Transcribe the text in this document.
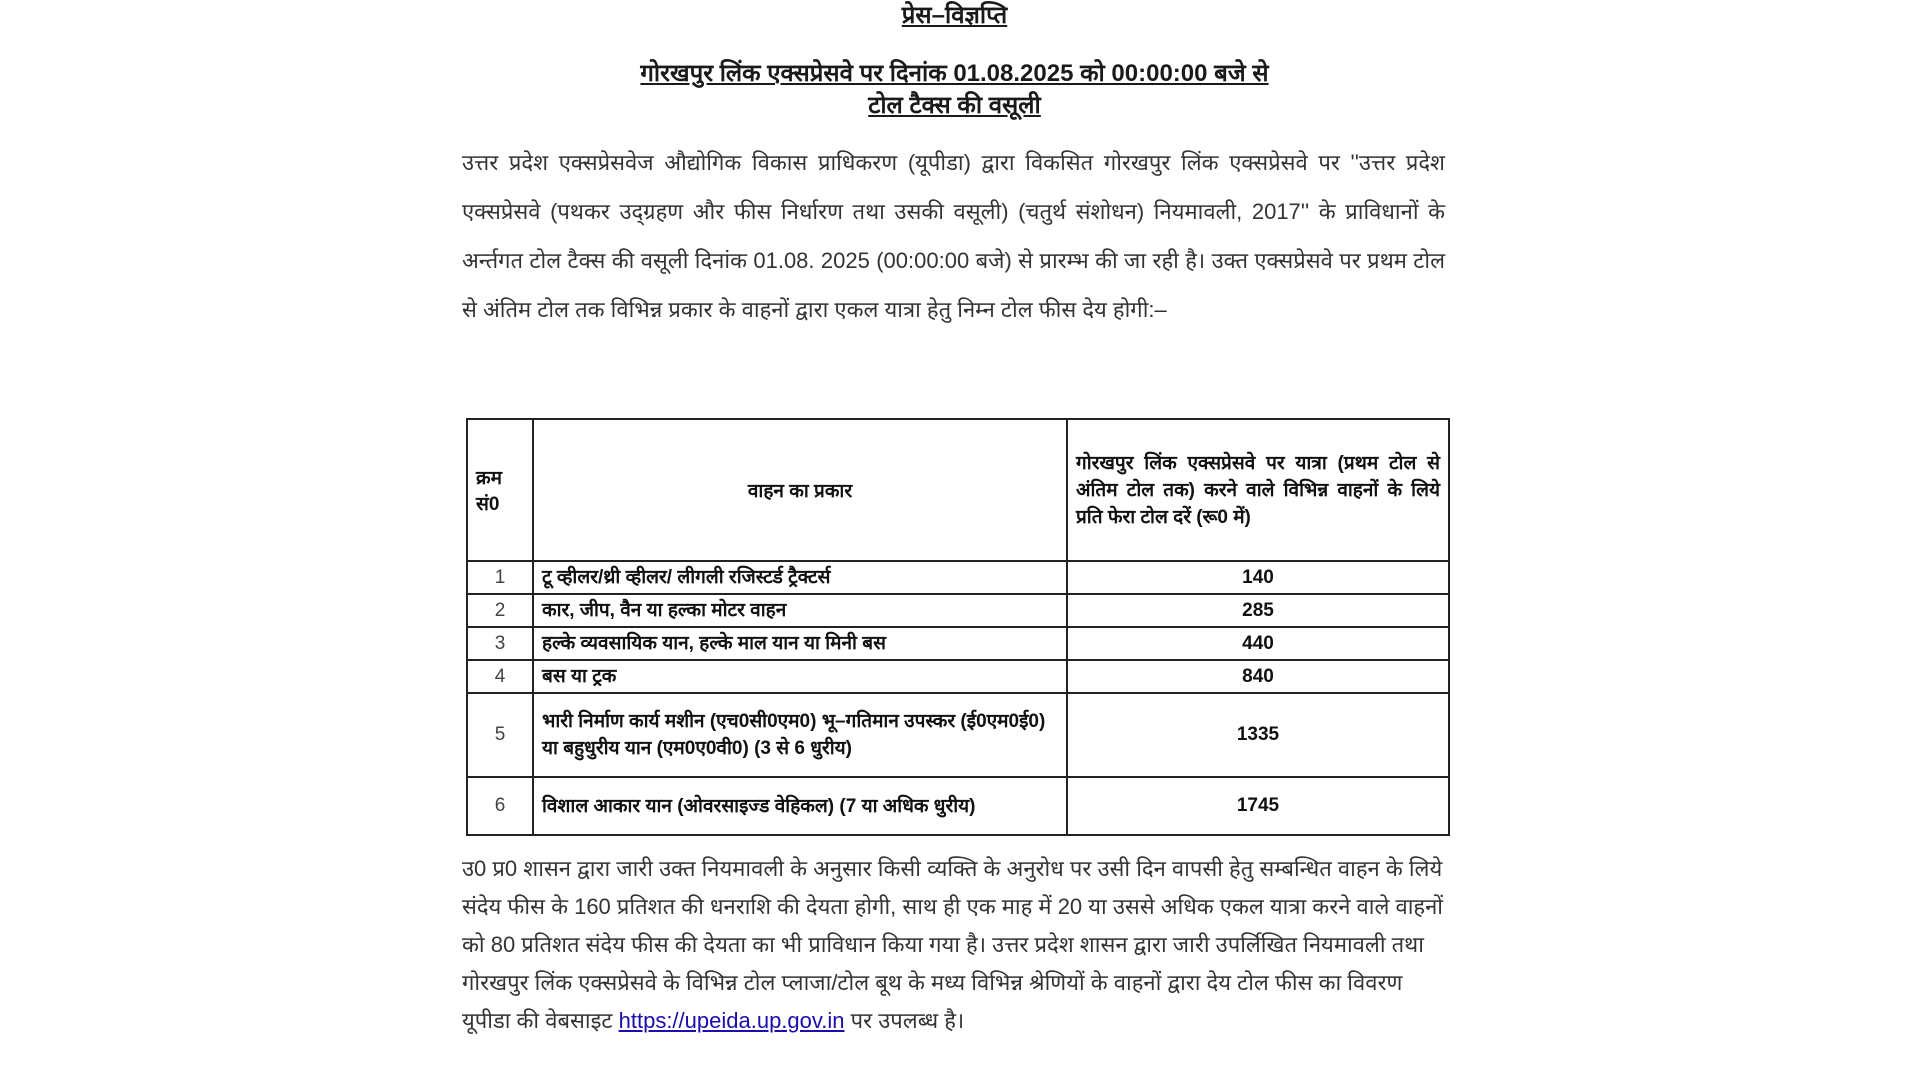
प्रेस–विज्ञप्ति
गोरखपुर लिंक एक्सप्रेसवे पर दिनांक 01.08.2025 को 00:00:00 बजे से
टोल टैक्स की वसूली
उत्तर प्रदेश एक्सप्रेसवेज औद्योगिक विकास प्राधिकरण (यूपीडा) द्वारा विकसित गोरखपुर लिंक एक्सप्रेसवे पर ''उत्तर प्रदेश एक्सप्रेसवे (पथकर उद्ग्रहण और फीस निर्धारण तथा उसकी वसूली) (चतुर्थ संशोधन) नियमावली, 2017'' के प्राविधानों के अर्न्तगत टोल टैक्स की वसूली दिनांक 01.08. 2025 (00:00:00 बजे) से प्रारम्भ की जा रही है। उक्त एक्सप्रेसवे पर प्रथम टोल से अंतिम टोल तक विभिन्न प्रकार के वाहनों द्वारा एकल यात्रा हेतु निम्न टोल फीस देय होगी:–
क्रम सं0	वाहन का प्रकार	गोरखपुर लिंक एक्सप्रेसवे पर यात्रा (प्रथम टोल से अंतिम टोल तक) करने वाले विभिन्न वाहनों के लिये प्रति फेरा टोल दरें (रू0 में)
1	टू व्हीलर/थ्री व्हीलर/ लीगली रजिस्टर्ड ट्रैक्टर्स	140
2	कार, जीप, वैन या हल्का मोटर वाहन	285
3	हल्के व्यवसायिक यान, हल्के माल यान या मिनी बस	440
4	बस या ट्रक	840
5	भारी निर्माण कार्य मशीन (एच0सी0एम0) भू–गतिमान उपस्कर (ई0एम0ई0) या बहुधुरीय यान (एम0ए0वी0) (3 से 6 धुरीय)	1335
6	विशाल आकार यान (ओवरसाइज्ड वेहिकल) (7 या अधिक धुरीय)	1745
उ0 प्र0 शासन द्वारा जारी उक्त नियमावली के अनुसार किसी व्यक्ति के अनुरोध पर उसी दिन वापसी हेतु सम्बन्धित वाहन के लिये संदेय फीस के 160 प्रतिशत की धनराशि की देयता होगी, साथ ही एक माह में 20 या उससे अधिक एकल यात्रा करने वाले वाहनों को 80 प्रतिशत संदेय फीस की देयता का भी प्राविधान किया गया है। उत्तर प्रदेश शासन द्वारा जारी उपर्लिखित नियमावली तथा गोरखपुर लिंक एक्सप्रेसवे के विभिन्न टोल प्लाजा/टोल बूथ के मध्य विभिन्न श्रेणियों के वाहनों द्वारा देय टोल फीस का विवरण यूपीडा की वेबसाइट https://upeida.up.gov.in पर उपलब्ध है।
